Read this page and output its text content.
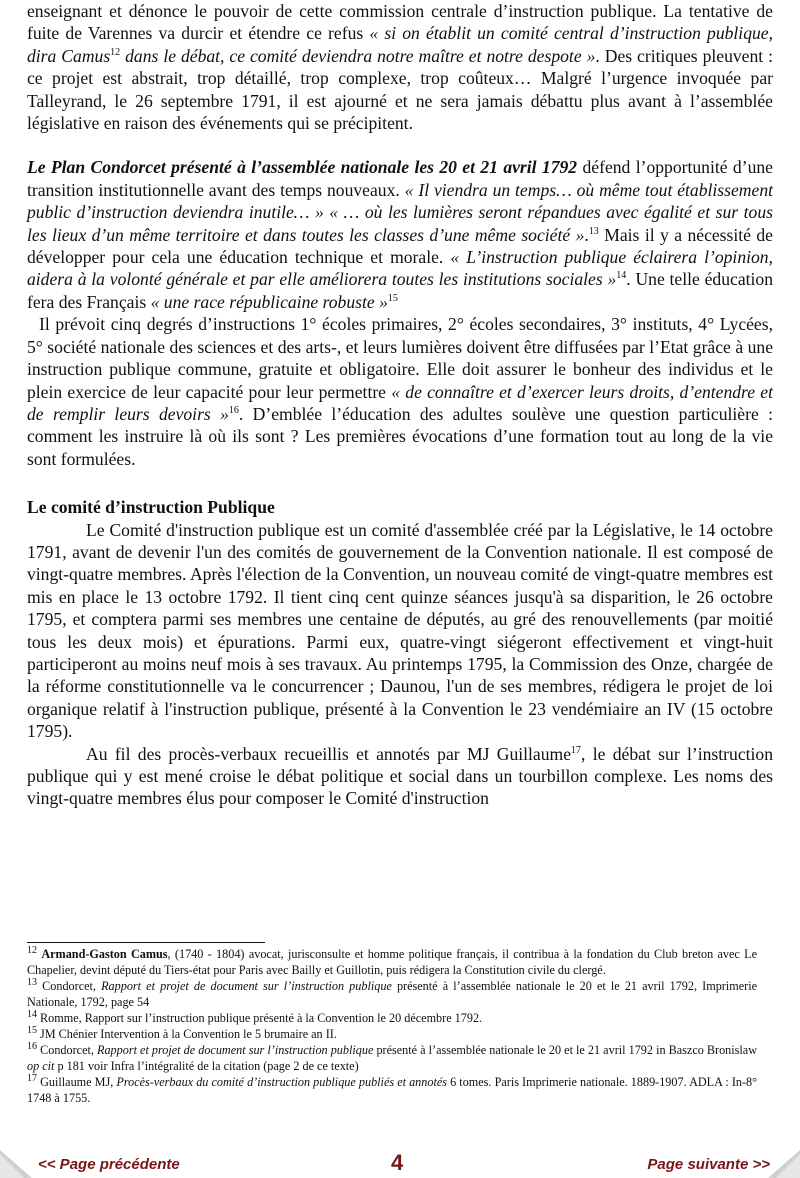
enseignant et dénonce le pouvoir de cette commission centrale d’instruction publique. La tentative de fuite de Varennes va durcir et étendre ce refus « si on établit un comité central d’instruction publique, dira Camus$^{12}$ dans le débat, ce comité deviendra notre maître et notre despote ». Des critiques pleuvent : ce projet est abstrait, trop détaillé, trop complexe, trop coûteux… Malgré l’urgence invoquée par Talleyrand, le 26 septembre 1791, il est ajourné et ne sera jamais débattu plus avant à l’assemblée législative en raison des événements qui se précipitent.

Le Plan Condorcet présenté à l’assemblée nationale les 20 et 21 avril 1792 défend l’opportunité d’une transition institutionnelle avant des temps nouveaux. « Il viendra un temps… où même tout établissement public d’instruction deviendra inutile… » « … où les lumières seront répandues avec égalité et sur tous les lieux d’un même territoire et dans toutes les classes d’une même société ».$^{13}$ Mais il y a nécessité de développer pour cela une éducation technique et morale. « L’instruction publique éclairera l’opinion, aidera à la volonté générale et par elle améliorera toutes les institutions sociales »$^{14}$. Une telle éducation fera des Français « une race républicaine robuste »$^{15}$

Il prévoit cinq degrés d’instructions 1° écoles primaires, 2° écoles secondaires, 3° instituts, 4° Lycées, 5° société nationale des sciences et des arts-, et leurs lumières doivent être diffusées par l’Etat grâce à une instruction publique commune, gratuite et obligatoire. Elle doit assurer le bonheur des individus et le plein exercice de leur capacité pour leur permettre « de connaître et d’exercer leurs droits, d’entendre et de remplir leurs devoirs »$^{16}$. D’emblée l’éducation des adultes soulève une question particulière : comment les instruire là où ils sont ? Les premières évocations d’une formation tout au long de la vie sont formulées.

Le comité d’instruction Publique

Le Comité d'instruction publique est un comité d'assemblée créé par la Législative, le 14 octobre 1791, avant de devenir l'un des comités de gouvernement de la Convention nationale. Il est composé de vingt-quatre membres. Après l'élection de la Convention, un nouveau comité de vingt-quatre membres est mis en place le 13 octobre 1792. Il tient cinq cent quinze séances jusqu'à sa disparition, le 26 octobre 1795, et comptera parmi ses membres une centaine de députés, au gré des renouvellements (par moitié tous les deux mois) et épurations. Parmi eux, quatre-vingt siégeront effectivement et vingt-huit participeront au moins neuf mois à ses travaux. Au printemps 1795, la Commission des Onze, chargée de la réforme constitutionnelle va le concurrencer ; Daunou, l'un de ses membres, rédigera le projet de loi organique relatif à l'instruction publique, présenté à la Convention le 23 vendémiaire an IV (15 octobre 1795).

Au fil des procès-verbaux recueillis et annotés par MJ Guillaume$^{17}$, le débat sur l’instruction publique qui y est mené croise le débat politique et social dans un tourbillon complexe. Les noms des vingt-quatre membres élus pour composer le Comité d'instruction

$^{12}$ Armand-Gaston Camus, (1740 - 1804) avocat, jurisconsulte et homme politique français, il contribua à la fondation du Club breton avec Le Chapelier, devint député du Tiers-état pour Paris avec Bailly et Guillotin, puis rédigera la Constitution civile du clergé.

$^{13}$ Condorcet, Rapport et projet de document sur l’instruction publique présenté à l’assemblée nationale le 20 et le 21 avril 1792, Imprimerie Nationale, 1792, page 54

$^{14}$ Romme, Rapport sur l’instruction publique présenté à la Convention le 20 décembre 1792.

$^{15}$ JM Chénier Intervention à la Convention le 5 brumaire an II.

$^{16}$ Condorcet, Rapport et projet de document sur l’instruction publique présenté à l’assemblée nationale le 20 et le 21 avril 1792 in Baszco Bronislaw op cit p 181 voir Infra l’intégralité de la citation (page 2 de ce texte)

$^{17}$ Guillaume MJ, Procès-verbaux du comité d’instruction publique publiés et annotés 6 tomes. Paris Imprimerie nationale. 1889-1907. ADLA : In-8° 1748 à 1755.

<< Page précédente	4	Page suivante >>
